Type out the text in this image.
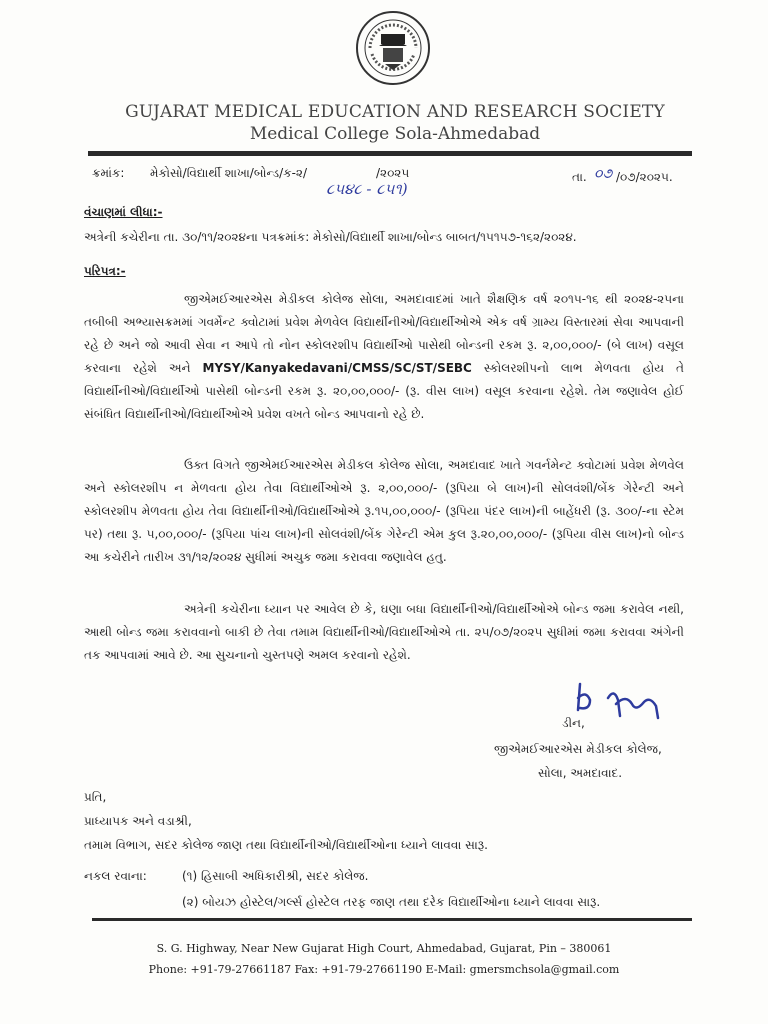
GUJARAT MEDICAL EDUCATION AND RESEARCH SOCIETY
Medical College Sola-Ahmedabad
ક્રમાંક: મેકોસો/વિદ્યાર્થી શાખા/બોન્ડ/ક-૨/	/૨૦૨૫
૮૫૪૮ - ૮૫૧)
તા. ૦૭ /૦૭/૨૦૨૫.
વંચાણમાં લીધા:-
અત્રેની કચેરીના તા. ૩૦/૧૧/૨૦૨૪ના પત્રક્રમાંક: મેકોસો/વિદ્યાર્થી શાખા/બોન્ડ બાબત/૧૫૧૫૭-૧૬૨/૨૦૨૪.
પરિપત્ર:-
જીએમઈઆરએસ મેડીકલ કોલેજ સોલા, અમદાવાદમાં ખાતે શૈક્ષણિક વર્ષ ૨૦૧૫-૧૬ થી ૨૦૨૪-૨૫ના તબીબી અભ્યાસક્રમમાં ગવર્મેન્ટ ક્વોટામાં પ્રવેશ મેળવેલ વિદ્યાર્થીનીઓ/વિદ્યાર્થીઓએ એક વર્ષ ગ્રામ્ય વિસ્તારમાં સેવા આપવાની રહે છે અને જો આવી સેવા ન આપે તો નોન સ્કોલરશીપ વિદ્યાર્થીઓ પાસેથી બોન્ડની રકમ રૂ. ૨,૦૦,૦૦૦/- (બે લાખ) વસૂલ કરવાના રહેશે અને MYSY/Kanyakedavani/CMSS/SC/ST/SEBC સ્કોલરશીપનો લાભ મેળવતા હોય તે વિદ્યાર્થીનીઓ/વિદ્યાર્થીઓ પાસેથી બોન્ડની રકમ રૂ. ૨૦,૦૦,૦૦૦/- (રૂ. વીસ લાખ) વસૂલ કરવાના રહેશે. તેમ જણાવેલ હોઈ સંબંધિત વિદ્યાર્થીનીઓ/વિદ્યાર્થીઓએ પ્રવેશ વખતે બોન્ડ આપવાનો રહે છે.
ઉક્ત વિગતે જીએમઈઆરએસ મેડીકલ કોલેજ સોલા, અમદાવાદ ખાતે ગવર્નમેન્ટ ક્વોટામાં પ્રવેશ મેળવેલ અને સ્કોલરશીપ ન મેળવતા હોય તેવા વિદ્યાર્થીઓએ રૂ. ૨,૦૦,૦૦૦/- (રૂપિયા બે લાખ)ની સોલવંશી/બેંક ગેરેન્ટી અને સ્કોલરશીપ મેળવતા હોય તેવા વિદ્યાર્થીનીઓ/વિદ્યાર્થીઓએ રૂ.૧૫,૦૦,૦૦૦/- (રૂપિયા પંદર લાખ)ની બાહેંધરી (રૂ. ૩૦૦/-ના સ્ટેમ પર) તથા રૂ. ૫,૦૦,૦૦૦/- (રૂપિયા પાંચ લાખ)ની સોલવંશી/બેંક ગેરેન્ટી એમ કુલ રૂ.૨૦,૦૦,૦૦૦/- (રૂપિયા વીસ લાખ)નો બોન્ડ આ કચેરીને તારીખ ૩૧/૧૨/૨૦૨૪ સુધીમાં અચુક જમા કરાવવા જણાવેલ હતુ.
અત્રેની કચેરીના ધ્યાન પર આવેલ છે કે, ઘણા બધા વિદ્યાર્થીનીઓ/વિદ્યાર્થીઓએ બોન્ડ જમા કરાવેલ નથી, આથી બોન્ડ જમા કરાવવાનો બાકી છે તેવા તમામ વિદ્યાર્થીનીઓ/વિદ્યાર્થીઓએ તા. ૨૫/૦૭/૨૦૨૫ સુધીમાં જમા કરાવવા અંગેની તક આપવામાં આવે છે. આ સુચનાનો ચુસ્તપણે અમલ કરવાનો રહેશે.
ડીન,
જીએમઈઆરએસ મેડીકલ કોલેજ,
સોલા, અમદાવાદ.
પ્રતિ,
પ્રાધ્યાપક અને વડાશ્રી,
તમામ વિભાગ, સદર કોલેજ જાણ તથા વિદ્યાર્થીનીઓ/વિદ્યાર્થીઓના ધ્યાને લાવવા સારૂ.
નકલ રવાના:	(૧) હિસાબી અધિકારીશ્રી, સદર કોલેજ.
(૨) બોયઝ હોસ્ટેલ/ગર્લ્સ હોસ્ટેલ તરફ જાણ તથા દરેક વિદ્યાર્થીઓના ધ્યાને લાવવા સારૂ.
S. G. Highway, Near New Gujarat High Court, Ahmedabad, Gujarat, Pin – 380061
Phone: +91-79-27661187 Fax: +91-79-27661190 E-Mail: gmersmchsola@gmail.com
